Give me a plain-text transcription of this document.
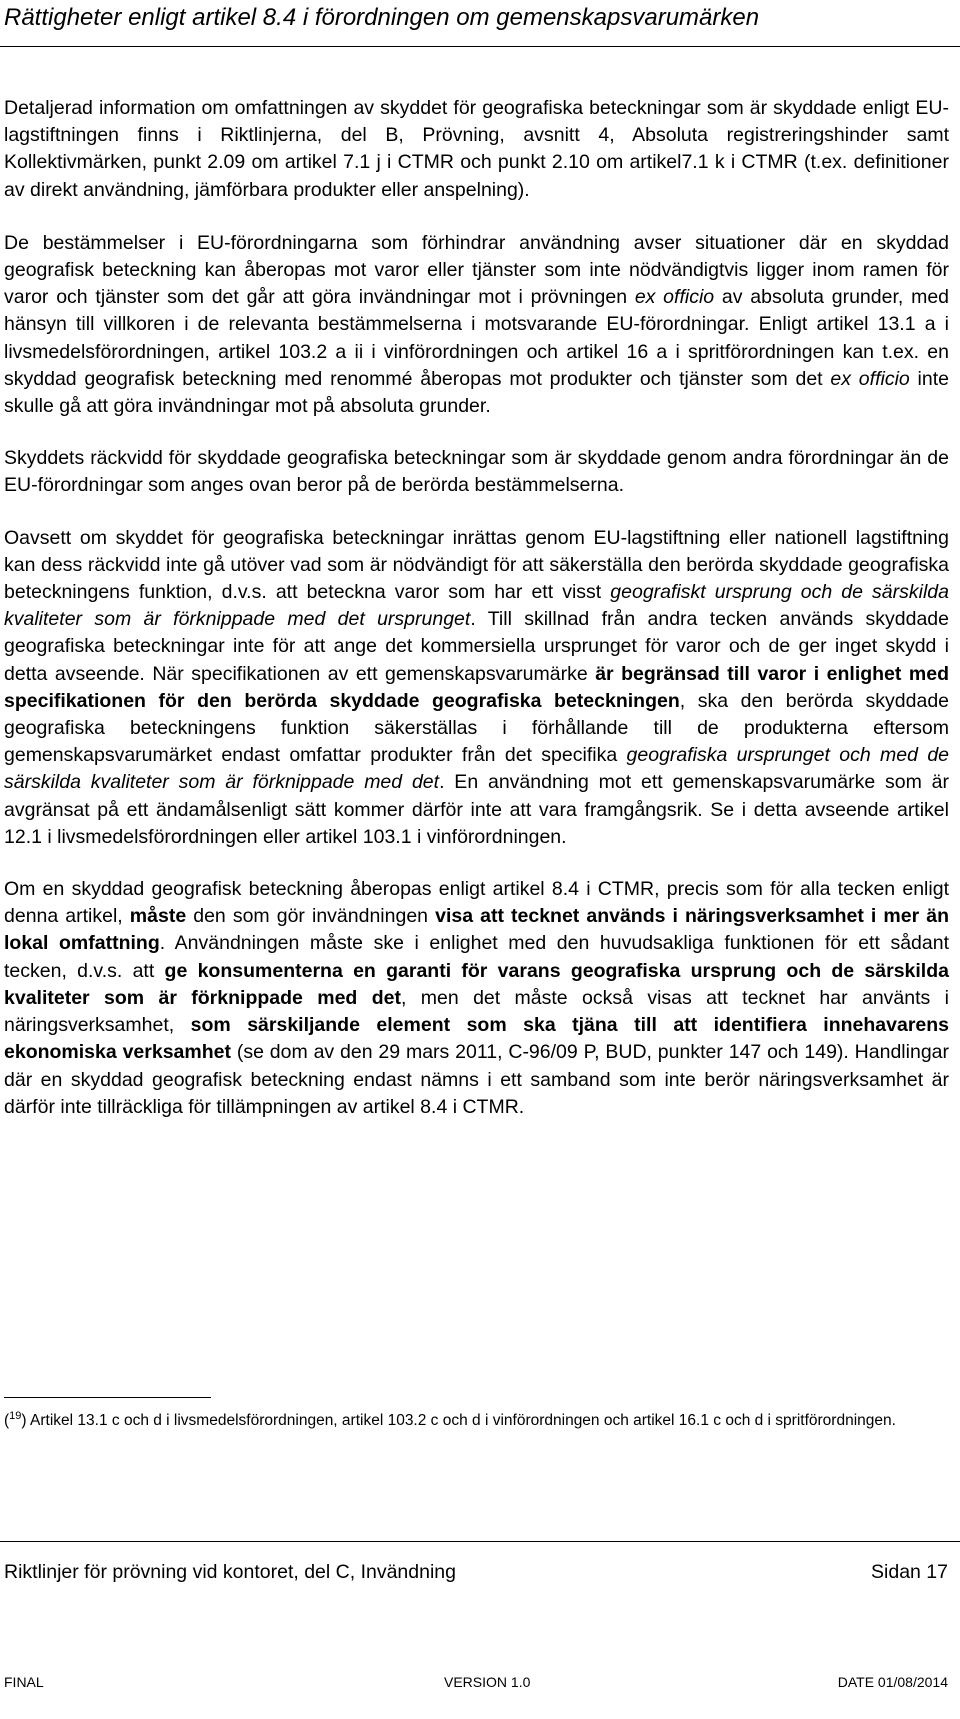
Rättigheter enligt artikel 8.4 i förordningen om gemenskapsvarumärken

Detaljerad information om omfattningen av skyddet för geografiska beteckningar som är skyddade enligt EU-lagstiftningen finns i Riktlinjerna, del B, Prövning, avsnitt 4, Absoluta registreringshinder samt Kollektivmärken, punkt 2.09 om artikel 7.1 j i CTMR och punkt 2.10 om artikel7.1 k i CTMR (t.ex. definitioner av direkt användning, jämförbara produkter eller anspelning).

De bestämmelser i EU-förordningarna som förhindrar användning avser situationer där en skyddad geografisk beteckning kan åberopas mot varor eller tjänster som inte nödvändigtvis ligger inom ramen för varor och tjänster som det går att göra invändningar mot i prövningen ex officio av absoluta grunder, med hänsyn till villkoren i de relevanta bestämmelserna i motsvarande EU-förordningar. Enligt artikel 13.1 a i livsmedelsförordningen, artikel 103.2 a ii i vinförordningen och artikel 16 a i spritförordningen kan t.ex. en skyddad geografisk beteckning med renommé åberopas mot produkter och tjänster som det ex officio inte skulle gå att göra invändningar mot på absoluta grunder.

Skyddets räckvidd för skyddade geografiska beteckningar som är skyddade genom andra förordningar än de EU-förordningar som anges ovan beror på de berörda bestämmelserna.

Oavsett om skyddet för geografiska beteckningar inrättas genom EU-lagstiftning eller nationell lagstiftning kan dess räckvidd inte gå utöver vad som är nödvändigt för att säkerställa den berörda skyddade geografiska beteckningens funktion, d.v.s. att beteckna varor som har ett visst geografiskt ursprung och de särskilda kvaliteter som är förknippade med det ursprunget. Till skillnad från andra tecken används skyddade geografiska beteckningar inte för att ange det kommersiella ursprunget för varor och de ger inget skydd i detta avseende. När specifikationen av ett gemenskapsvarumärke är begränsad till varor i enlighet med specifikationen för den berörda skyddade geografiska beteckningen, ska den berörda skyddade geografiska beteckningens funktion säkerställas i förhållande till de produkterna eftersom gemenskapsvarumärket endast omfattar produkter från det specifika geografiska ursprunget och med de särskilda kvaliteter som är förknippade med det. En användning mot ett gemenskapsvarumärke som är avgränsat på ett ändamålsenligt sätt kommer därför inte att vara framgångsrik. Se i detta avseende artikel 12.1 i livsmedelsförordningen eller artikel 103.1 i vinförordningen.

Om en skyddad geografisk beteckning åberopas enligt artikel 8.4 i CTMR, precis som för alla tecken enligt denna artikel, måste den som gör invändningen visa att tecknet används i näringsverksamhet i mer än lokal omfattning. Användningen måste ske i enlighet med den huvudsakliga funktionen för ett sådant tecken, d.v.s. att ge konsumenterna en garanti för varans geografiska ursprung och de särskilda kvaliteter som är förknippade med det, men det måste också visas att tecknet har använts i näringsverksamhet, som särskiljande element som ska tjäna till att identifiera innehavarens ekonomiska verksamhet (se dom av den 29 mars 2011, C-96/09 P, BUD, punkter 147 och 149). Handlingar där en skyddad geografisk beteckning endast nämns i ett samband som inte berör näringsverksamhet är därför inte tillräckliga för tillämpningen av artikel 8.4 i CTMR.

($^{19}$) Artikel 13.1 c och d i livsmedelsförordningen, artikel 103.2 c och d i vinförordningen och artikel 16.1 c och d i spritförordningen.
Riktlinjer för prövning vid kontoret, del C, Invändning	Sidan 17
FINAL	VERSION 1.0	DATE 01/08/2014
